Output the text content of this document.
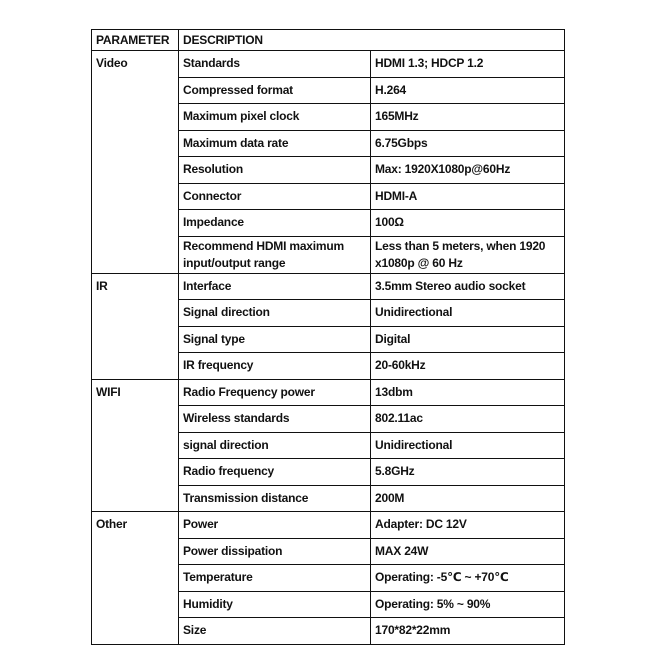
PARAMETER	DESCRIPTION	
Video	Standards	HDMI 1.3; HDCP 1.2
	Compressed format	H.264
	Maximum pixel clock	165MHz
	Maximum data rate	6.75Gbps
	Resolution	Max: 1920X1080p@60Hz
	Connector	HDMI-A
	Impedance	100Ω
	Recommend HDMI maximum input/output range	Less than 5 meters, when 1920 x1080p @ 60 Hz
IR	Interface	3.5mm Stereo audio socket
	Signal direction	Unidirectional
	Signal type	Digital
	IR frequency	20-60kHz
WIFI	Radio Frequency power	13dbm
	Wireless standards	802.11ac
	signal direction	Unidirectional
	Radio frequency	5.8GHz
	Transmission distance	200M
Other	Power	Adapter: DC 12V
	Power dissipation	MAX 24W
	Temperature	Operating: -5℃ ~ +70℃
	Humidity	Operating: 5% ~ 90%
	Size	170*82*22mm
